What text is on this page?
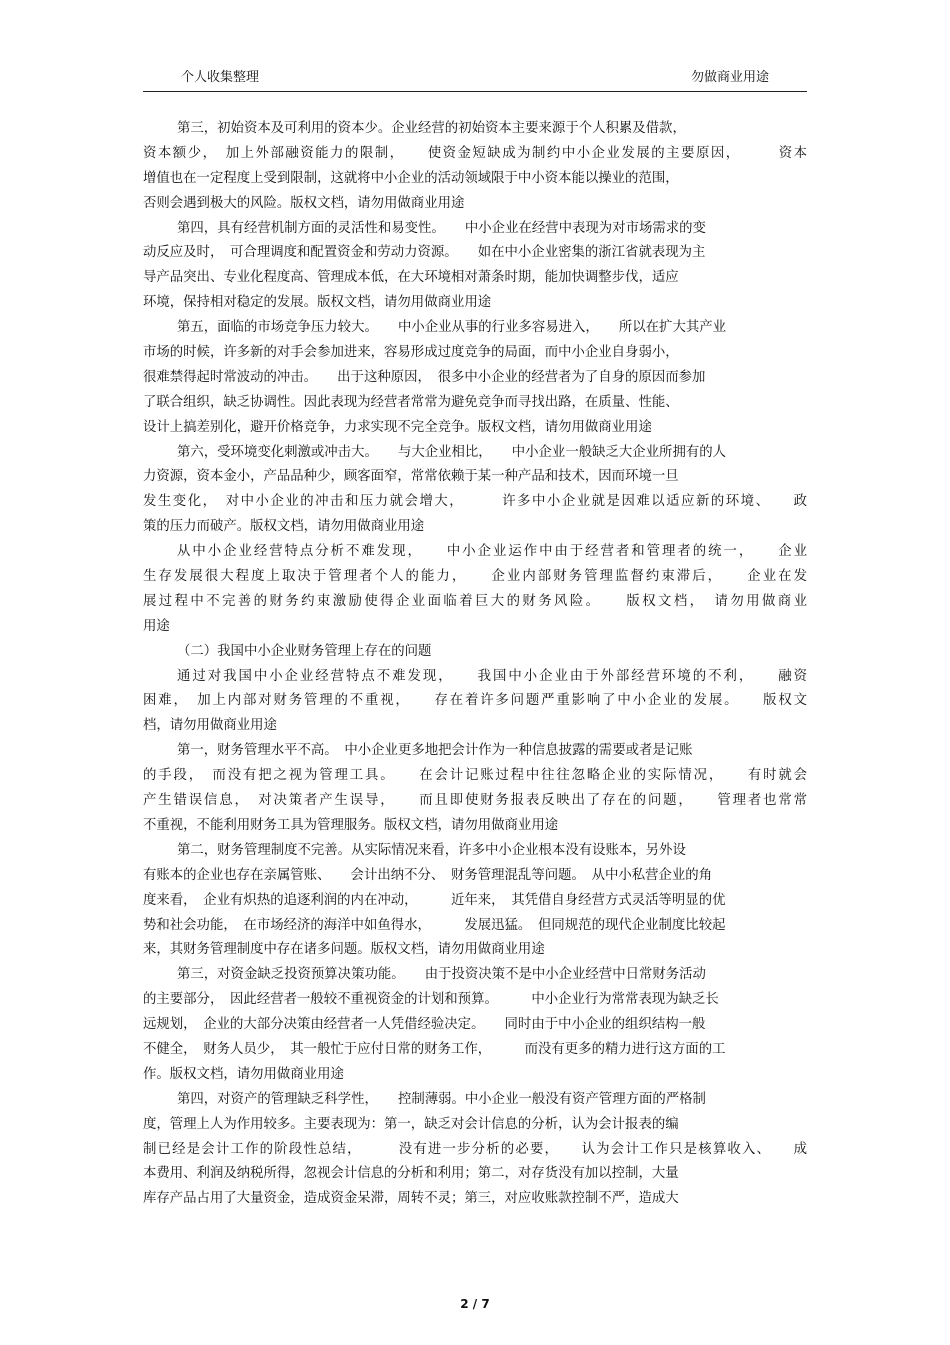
个人收集整理	勿做商业用途
第三，初始资本及可利用的资本少。企业经营的初始资本主要来源于个人积累及借款，
资本额少，　加上外部融资能力的限制，　　使资金短缺成为制约中小企业发展的主要原因，　　　资本
增值也在一定程度上受到限制，这就将中小企业的活动领域限于中小资本能以操业的范围，
否则会遇到极大的风险。版权文档，请勿用做商业用途
第四，具有经营机制方面的灵活性和易变性。　　中小企业在经营中表现为对市场需求的变
动反应及时，　可合理调度和配置资金和劳动力资源。　　如在中小企业密集的浙江省就表现为主
导产品突出、专业化程度高、管理成本低，在大环境相对萧条时期，能加快调整步伐，适应
环境，保持相对稳定的发展。版权文档，请勿用做商业用途
第五，面临的市场竞争压力较大。　　中小企业从事的行业多容易进入，　　所以在扩大其产业
市场的时候，许多新的对手会参加进来，容易形成过度竞争的局面，而中小企业自身弱小，
很难禁得起时常波动的冲击。　　出于这种原因，　很多中小企业的经营者为了自身的原因而参加
了联合组织，缺乏协调性。因此表现为经营者常常为避免竞争而寻找出路，在质量、性能、
设计上搞差别化，避开价格竞争，力求实现不完全竞争。版权文档，请勿用做商业用途
第六，受环境变化刺激或冲击大。　　与大企业相比，　　中小企业一般缺乏大企业所拥有的人
力资源，资本金小，产品品种少，顾客面窄，常常依赖于某一种产品和技术，因而环境一旦
发生变化，　对中小企业的冲击和压力就会增大，　　　许多中小企业就是因难以适应新的环境、　　政
策的压力而破产。版权文档，请勿用做商业用途
从中小企业经营特点分析不难发现，　　中小企业运作中由于经营者和管理者的统一，　　企业
生存发展很大程度上取决于管理者个人的能力，　　企业内部财务管理监督约束滞后，　　企业在发
展过程中不完善的财务约束激励使得企业面临着巨大的财务风险。　　版权文档，　请勿用做商业
用途
（二）我国中小企业财务管理上存在的问题
通过对我国中小企业经营特点不难发现，　　我国中小企业由于外部经营环境的不利，　　融资
困难，　加上内部对财务管理的不重视，　　存在着许多问题严重影响了中小企业的发展。　　版权文
档，请勿用做商业用途
第一，财务管理水平不高。　中小企业更多地把会计作为一种信息披露的需要或者是记账
的手段，　而没有把之视为管理工具。　　在会计记账过程中往往忽略企业的实际情况，　　有时就会
产生错误信息，　对决策者产生误导，　　而且即使财务报表反映出了存在的问题，　　管理者也常常
不重视，不能利用财务工具为管理服务。版权文档，请勿用做商业用途
第二，财务管理制度不完善。从实际情况来看，许多中小企业根本没有设账本，另外设
有账本的企业也存在亲属管账、　　会计出纳不分、　财务管理混乱等问题。　从中小私营企业的角
度来看，　企业有炽热的追逐利润的内在冲动，　　　近年来，　其凭借自身经营方式灵活等明显的优
势和社会功能，　在市场经济的海洋中如鱼得水，　　　发展迅猛。　但同规范的现代企业制度比较起
来，其财务管理制度中存在诸多问题。版权文档，请勿用做商业用途
第三，对资金缺乏投资预算决策功能。　　由于投资决策不是中小企业经营中日常财务活动
的主要部分，　因此经营者一般较不重视资金的计划和预算。　　　中小企业行为常常表现为缺乏长
远规划，　企业的大部分决策由经营者一人凭借经验决定。　　同时由于中小企业的组织结构一般
不健全，　财务人员少，　其一般忙于应付日常的财务工作，　　　而没有更多的精力进行这方面的工
作。版权文档，请勿用做商业用途
第四，对资产的管理缺乏科学性，　　控制薄弱。中小企业一般没有资产管理方面的严格制
度，管理上人为作用较多。主要表现为：第一，缺乏对会计信息的分析，认为会计报表的编
制已经是会计工作的阶段性总结，　　　没有进一步分析的必要，　　认为会计工作只是核算收入、　　成
本费用、利润及纳税所得，忽视会计信息的分析和利用；第二，对存货没有加以控制，大量
库存产品占用了大量资金，造成资金呆滞，周转不灵；第三，对应收账款控制不严，造成大
2 / 7
